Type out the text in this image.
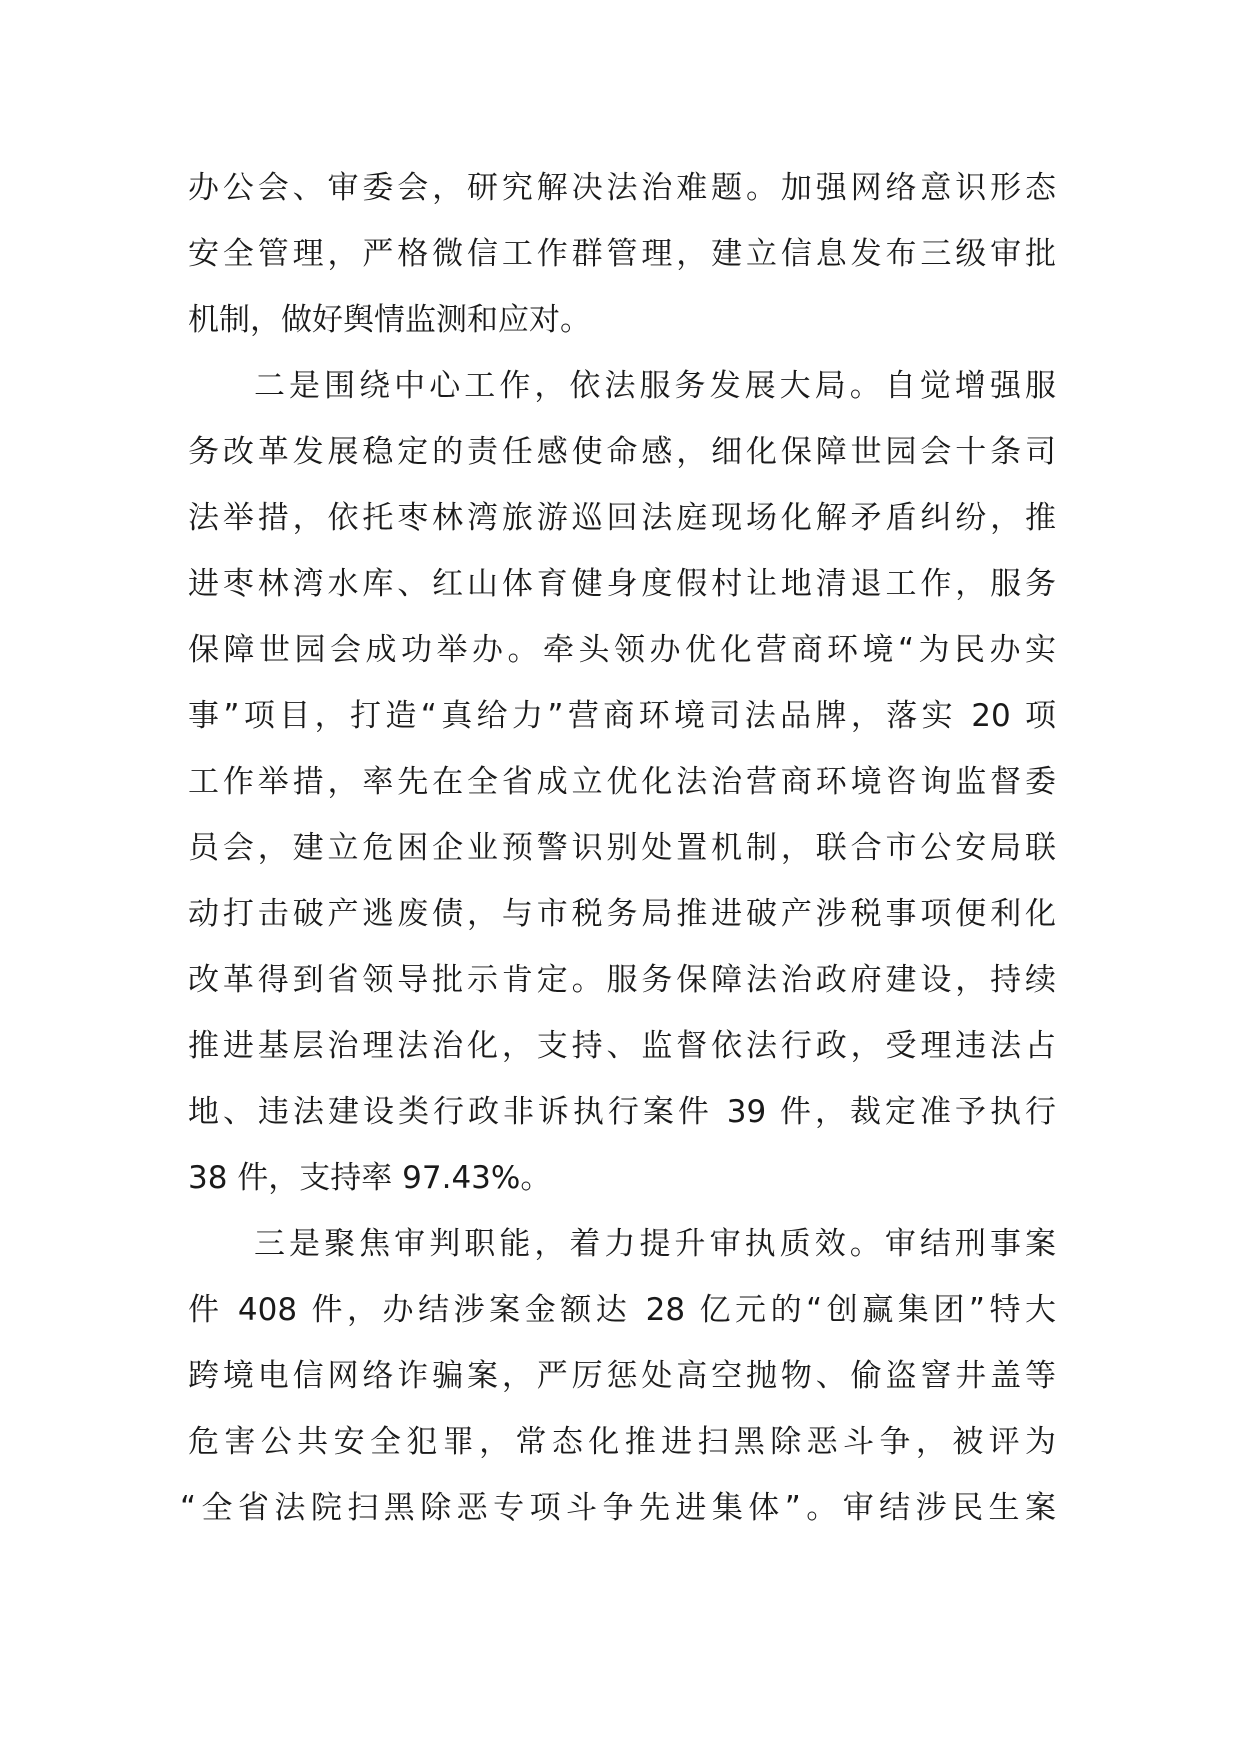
办公会、审委会，研究解决法治难题。加强网络意识形态
安全管理，严格微信工作群管理，建立信息发布三级审批
机制，做好舆情监测和应对。
二是围绕中心工作，依法服务发展大局。自觉增强服
务改革发展稳定的责任感使命感，细化保障世园会十条司
法举措，依托枣林湾旅游巡回法庭现场化解矛盾纠纷，推
进枣林湾水库、红山体育健身度假村让地清退工作，服务
保障世园会成功举办。牵头领办优化营商环境“为民办实
事”项目，打造“真给力”营商环境司法品牌，落实 20 项
工作举措，率先在全省成立优化法治营商环境咨询监督委
员会，建立危困企业预警识别处置机制，联合市公安局联
动打击破产逃废债，与市税务局推进破产涉税事项便利化
改革得到省领导批示肯定。服务保障法治政府建设，持续
推进基层治理法治化，支持、监督依法行政，受理违法占
地、违法建设类行政非诉执行案件 39 件，裁定准予执行
38 件，支持率 97.43%。
三是聚焦审判职能，着力提升审执质效。审结刑事案
件 408 件，办结涉案金额达 28 亿元的“创赢集团”特大
跨境电信网络诈骗案，严厉惩处高空抛物、偷盗窨井盖等
危害公共安全犯罪，常态化推进扫黑除恶斗争，被评为
“全省法院扫黑除恶专项斗争先进集体”。审结涉民生案
